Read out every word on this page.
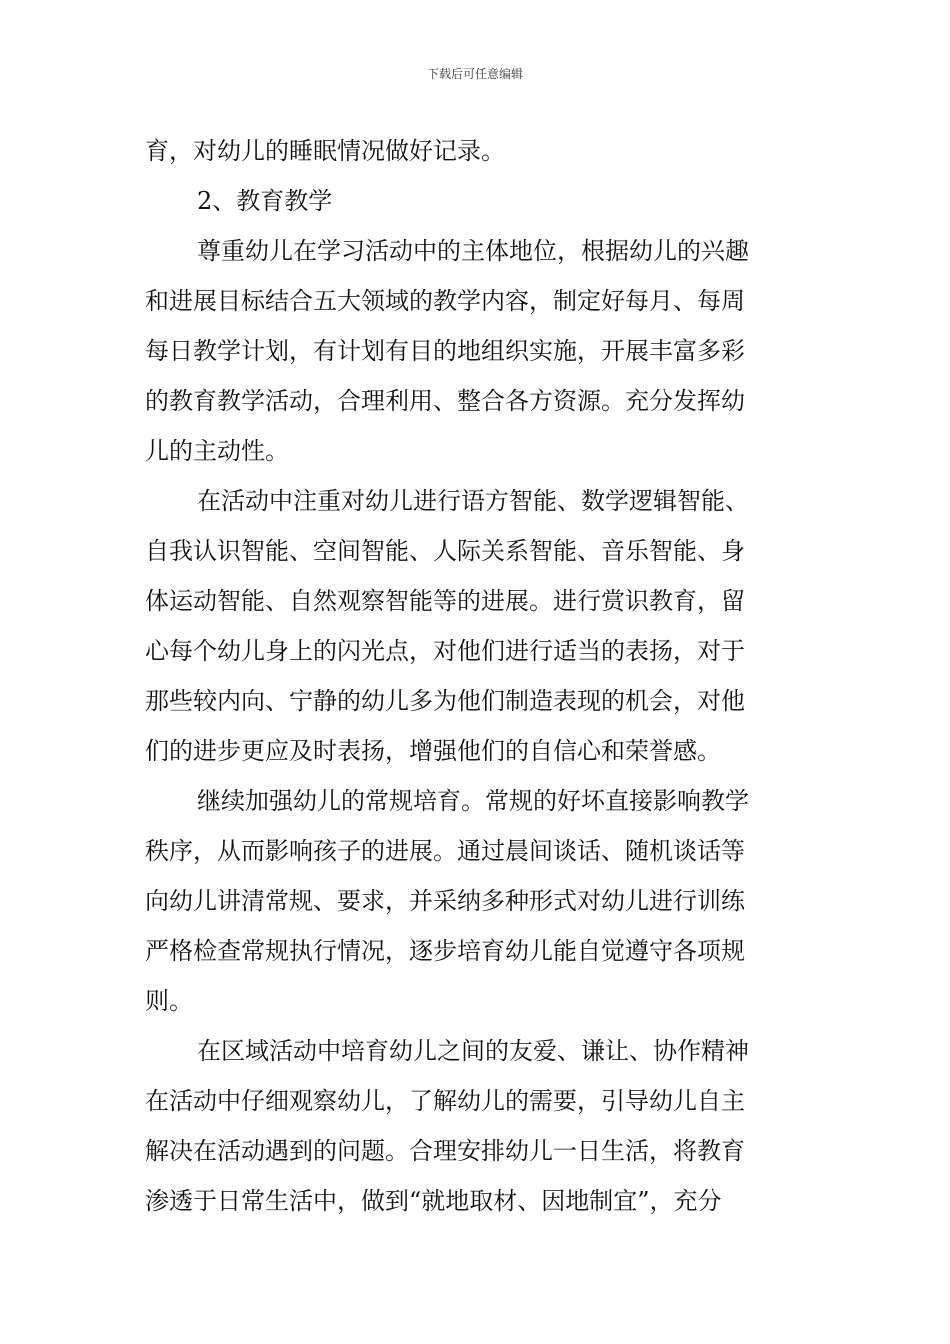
下载后可任意编辑
育，对幼儿的睡眠情况做好记录。
2、教育教学
尊重幼儿在学习活动中的主体地位，根据幼儿的兴趣
和进展目标结合五大领域的教学内容，制定好每月、每周
每日教学计划，有计划有目的地组织实施，开展丰富多彩
的教育教学活动，合理利用、整合各方资源。充分发挥幼
儿的主动性。
在活动中注重对幼儿进行语方智能、数学逻辑智能、
自我认识智能、空间智能、人际关系智能、音乐智能、身
体运动智能、自然观察智能等的进展。进行赏识教育，留
心每个幼儿身上的闪光点，对他们进行适当的表扬，对于
那些较内向、宁静的幼儿多为他们制造表现的机会，对他
们的进步更应及时表扬，增强他们的自信心和荣誉感。
继续加强幼儿的常规培育。常规的好坏直接影响教学
秩序，从而影响孩子的进展。通过晨间谈话、随机谈话等
向幼儿讲清常规、要求，并采纳多种形式对幼儿进行训练
严格检查常规执行情况，逐步培育幼儿能自觉遵守各项规
则。
在区域活动中培育幼儿之间的友爱、谦让、协作精神
在活动中仔细观察幼儿，了解幼儿的需要，引导幼儿自主
解决在活动遇到的问题。合理安排幼儿一日生活，将教育
渗透于日常生活中，做到“就地取材、因地制宜”，充分
